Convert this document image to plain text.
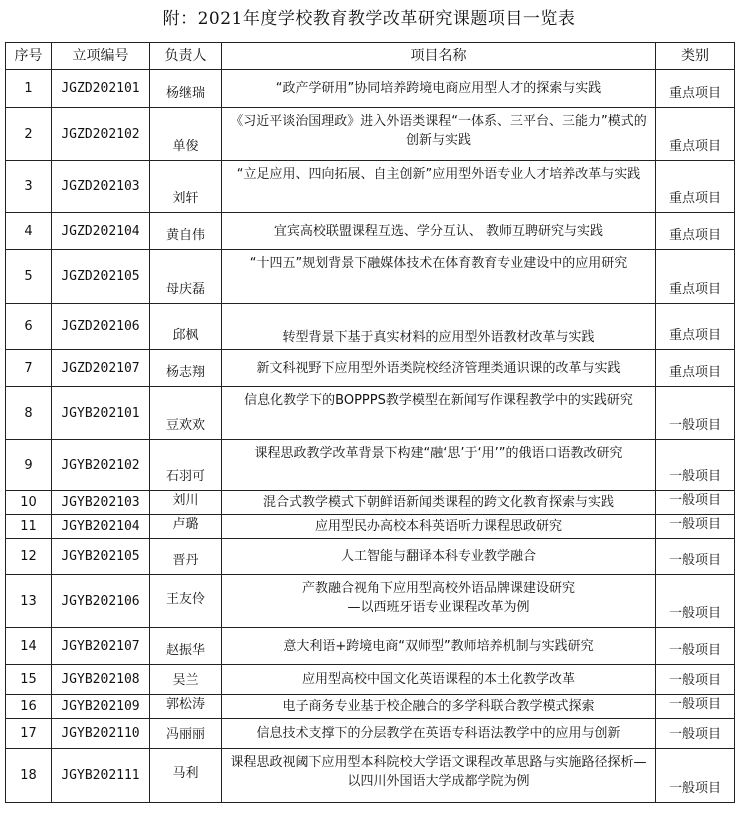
附：2021年度学校教育教学改革研究课题项目一览表
序号	立项编号	负责人	项目名称	类别
1	JGZD202101	杨继瑞	“政产学研用”协同培养跨境电商应用型人才的探索与实践	重点项目
2	JGZD202102	单俊	《习近平谈治国理政》进入外语类课程“一体系、三平台、三能力”模式的创新与实践	重点项目
3	JGZD202103	刘轩	“立足应用、四向拓展、自主创新”应用型外语专业人才培养改革与实践	重点项目
4	JGZD202104	黄自伟	宜宾高校联盟课程互选、学分互认、 教师互聘研究与实践	重点项目
5	JGZD202105	母庆磊	“十四五”规划背景下融媒体技术在体育教育专业建设中的应用研究	重点项目
6	JGZD202106	邱枫	转型背景下基于真实材料的应用型外语教材改革与实践	重点项目
7	JGZD202107	杨志翔	新文科视野下应用型外语类院校经济管理类通识课的改革与实践	重点项目
8	JGYB202101	豆欢欢	信息化教学下的BOPPPS教学模型在新闻写作课程教学中的实践研究	一般项目
9	JGYB202102	石羽可	课程思政教学改革背景下构建“融‘思’于‘用’”的俄语口语教改研究	一般项目
10	JGYB202103	刘川	混合式教学模式下朝鲜语新闻类课程的跨文化教育探索与实践	一般项目
11	JGYB202104	卢璐	应用型民办高校本科英语听力课程思政研究	一般项目
12	JGYB202105	晋丹	人工智能与翻译本科专业教学融合	一般项目
13	JGYB202106	王友伶	产教融合视角下应用型高校外语品牌课建设研究
—以西班牙语专业课程改革为例	一般项目
14	JGYB202107	赵振华	意大利语+跨境电商“双师型”教师培养机制与实践研究	一般项目
15	JGYB202108	吴兰	应用型高校中国文化英语课程的本土化教学改革	一般项目
16	JGYB202109	郭松涛	电子商务专业基于校企融合的多学科联合教学模式探索	一般项目
17	JGYB202110	冯丽丽	信息技术支撑下的分层教学在英语专科语法教学中的应用与创新	一般项目
18	JGYB202111	马利	课程思政视阈下应用型本科院校大学语文课程改革思路与实施路径探析—以四川外国语大学成都学院为例	一般项目
